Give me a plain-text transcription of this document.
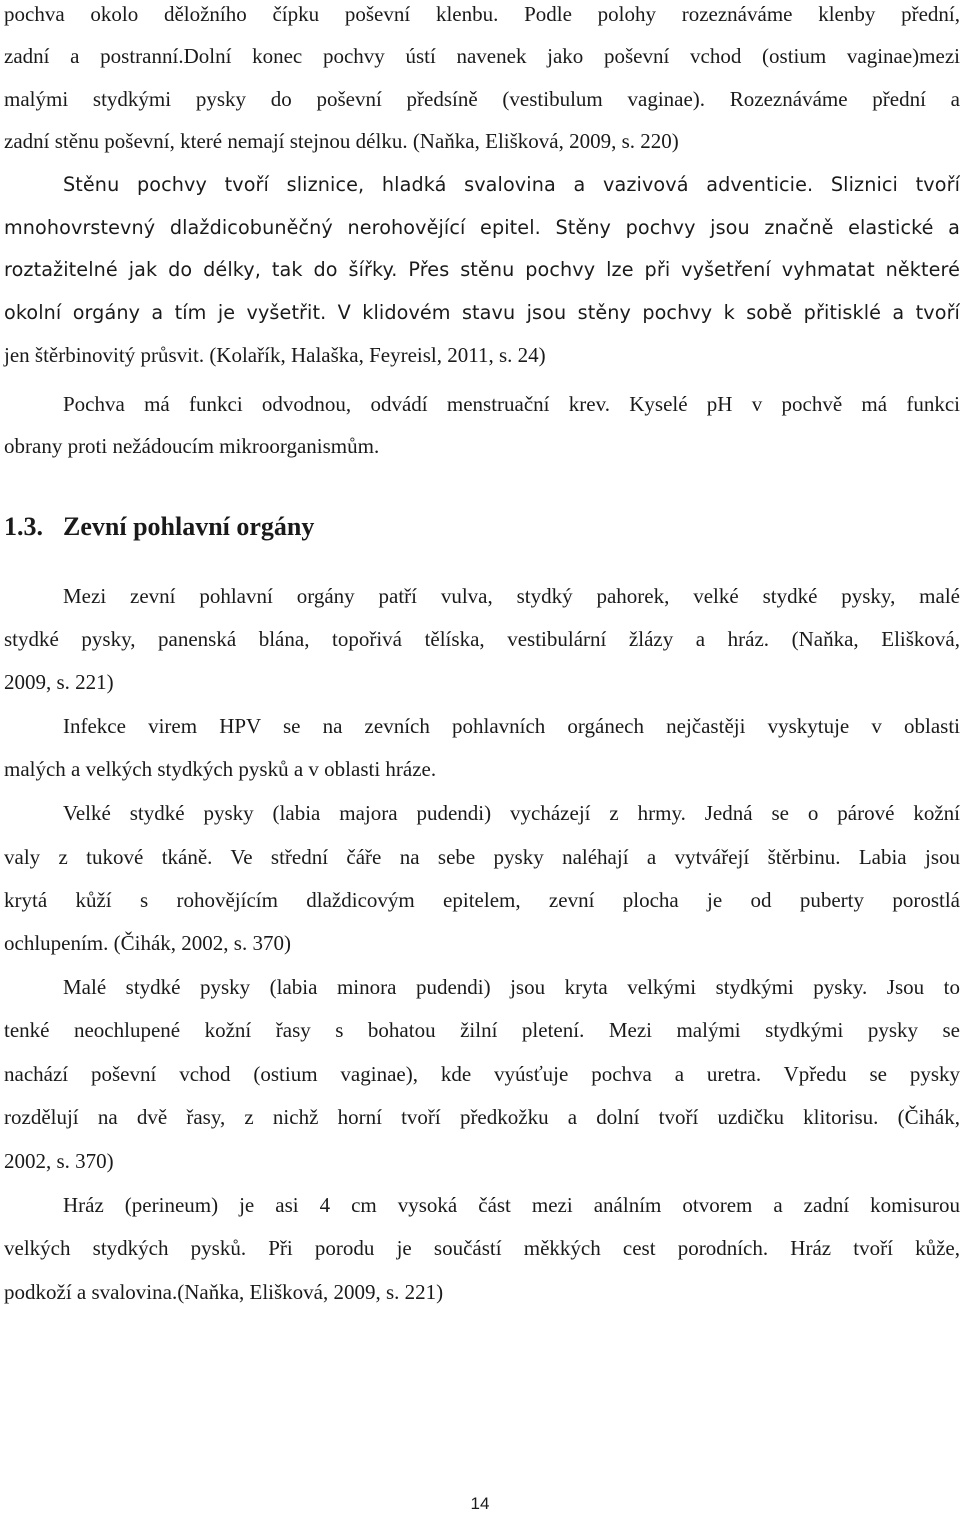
pochva okolo děložního čípku poševní klenbu. Podle polohy rozeznáváme klenby přední,
zadní a postranní.Dolní konec pochvy ústí navenek jako poševní vchod (ostium vaginae)mezi
malými stydkými pysky do poševní předsíně (vestibulum vaginae). Rozeznáváme přední a
zadní stěnu poševní, které nemají stejnou délku. (Naňka, Elišková, 2009, s. 220)
Stěnu pochvy tvoří sliznice, hladká svalovina a vazivová adventicie. Sliznici tvoří
mnohovrstevný dlaždicobuněčný nerohovějící epitel. Stěny pochvy jsou značně elastické a
roztažitelné jak do délky, tak do šířky. Přes stěnu pochvy lze při vyšetření vyhmatat některé
okolní orgány a tím je vyšetřit. V klidovém stavu jsou stěny pochvy k sobě přitisklé a tvoří
jen štěrbinovitý průsvit. (Kolařík, Halaška, Feyreisl, 2011, s. 24)
Pochva má funkci odvodnou, odvádí menstruační krev. Kyselé pH v pochvě má funkci
obrany proti nežádoucím mikroorganismům.
1.3. Zevní pohlavní orgány
Mezi zevní pohlavní orgány patří vulva, stydký pahorek, velké stydké pysky, malé
stydké pysky, panenská blána, topořivá tělíska, vestibulární žlázy a hráz. (Naňka, Elišková,
2009, s. 221)
Infekce virem HPV se na zevních pohlavních orgánech nejčastěji vyskytuje v oblasti
malých a velkých stydkých pysků a v oblasti hráze.
Velké stydké pysky (labia majora pudendi) vycházejí z hrmy. Jedná se o párové kožní
valy z tukové tkáně. Ve střední čáře na sebe pysky naléhají a vytvářejí štěrbinu. Labia jsou
krytá kůží s rohovějícím dlaždicovým epitelem, zevní plocha je od puberty porostlá
ochlupením. (Čihák, 2002, s. 370)
Malé stydké pysky (labia minora pudendi) jsou kryta velkými stydkými pysky. Jsou to
tenké neochlupené kožní řasy s bohatou žilní pletení. Mezi malými stydkými pysky se
nachází poševní vchod (ostium vaginae), kde vyúsťuje pochva a uretra. Vpředu se pysky
rozdělují na dvě řasy, z nichž horní tvoří předkožku a dolní tvoří uzdičku klitorisu. (Čihák,
2002, s. 370)
Hráz (perineum) je asi 4 cm vysoká část mezi análním otvorem a zadní komisurou
velkých stydkých pysků. Při porodu je součástí měkkých cest porodních. Hráz tvoří kůže,
podkoží a svalovina.(Naňka, Elišková, 2009, s. 221)
14
